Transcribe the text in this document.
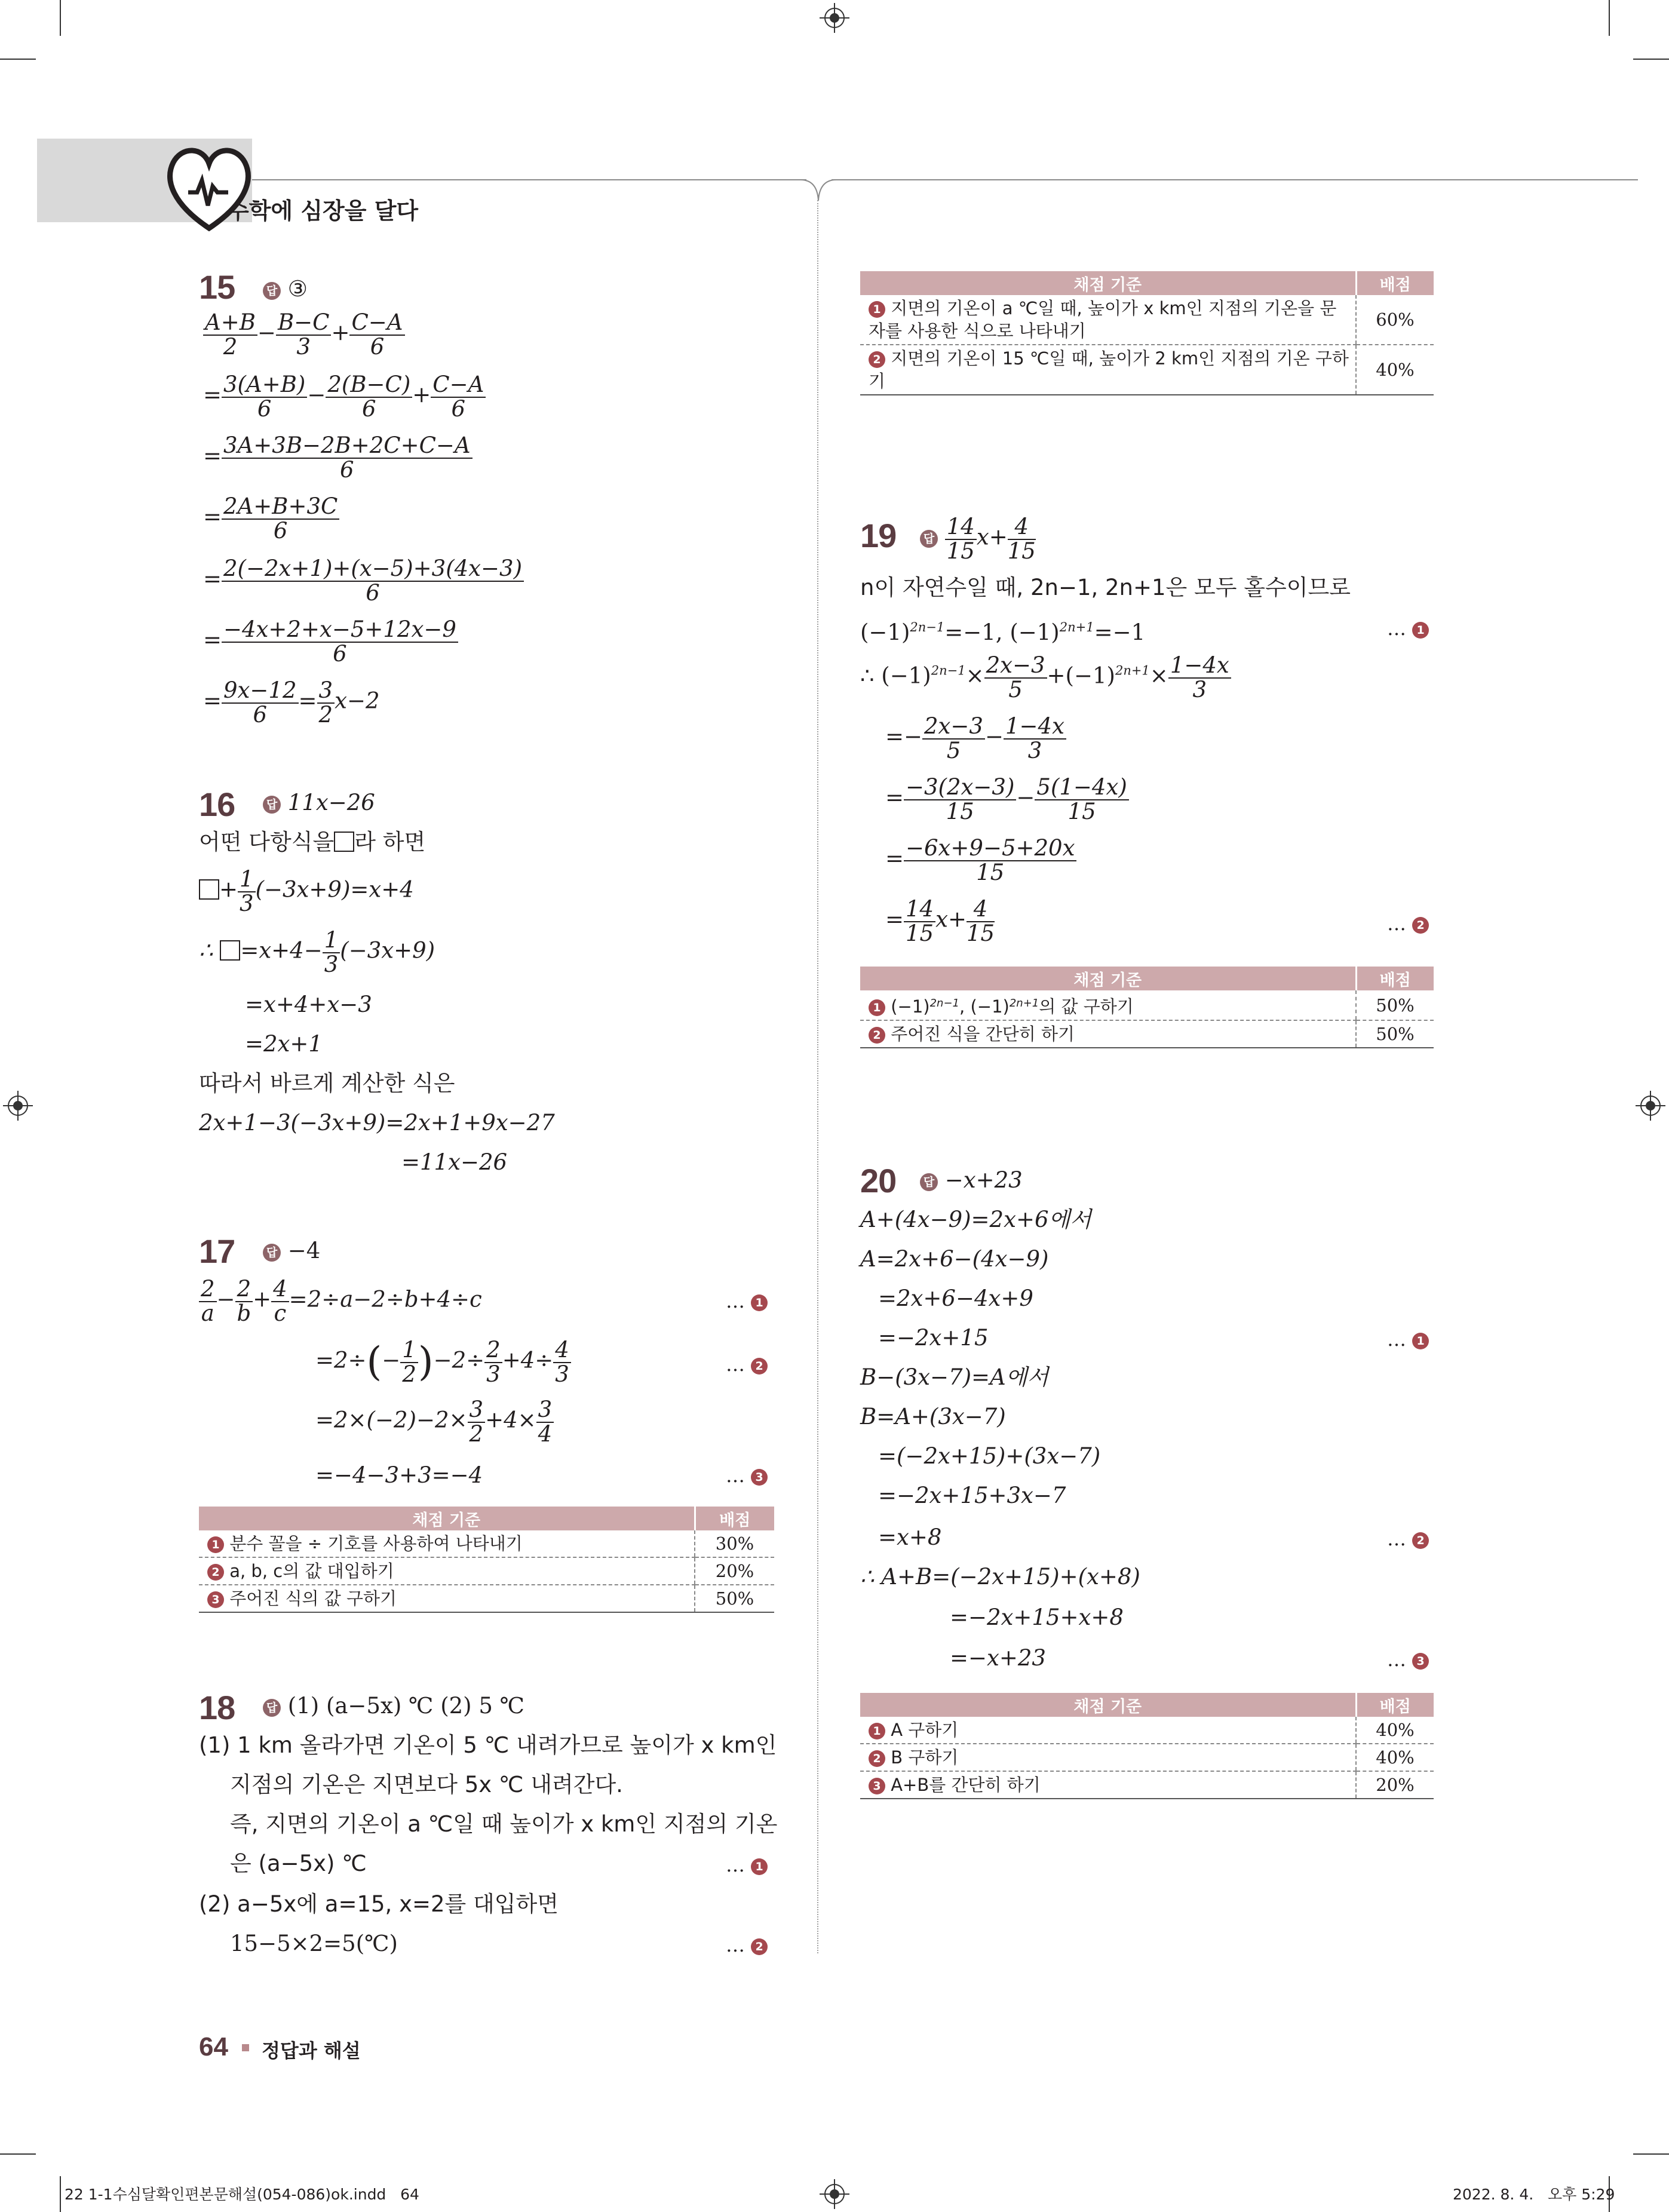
수학에 심장을 달다
15	답 ③
$\frac{A+B}{2} - \frac{B-C}{3} + \frac{C-A}{6}$
= $\frac{3(A+B)}{6} - \frac{2(B-C)}{6} + \frac{C-A}{6}$
= $\frac{3A+3B-2B+2C+C-A}{6}$
= $\frac{2A+B+3C}{6}$
= $\frac{2(-2x+1)+(x-5)+3(4x-3)}{6}$
= $\frac{-4x+2+x-5+12x-9}{6}$
= $\frac{9x-12}{6} = \frac{3}{2} x-2$
16	답 11x−26
어떤 다항식을 라 하면
+ $\frac{1}{3} (-3x+9)=x+4$
∴ $=x+4- \frac{1}{3} (-3x+9)$
=x+4+x−3
=2x+1
따라서 바르게 계산한 식은
2x+1−3(−3x+9)=2x+1+9x−27
=11x−26
17	답 −4
$\frac{2}{a} - \frac{2}{b} + \frac{4}{c} =2\div a-2\div b+4\div c$	… 1
$=2\div(- \frac{1}{2} )-2\div \frac{2}{3} +4\div \frac{4}{3}$	… 2
$=2\times(-2)-2\times \frac{3}{2} +4\times \frac{3}{4}$
=−4−3+3=−4	… 3
채점 기준	배점
1 분수 꼴을 ÷ 기호를 사용하여 나타내기	30%
2 a, b, c의 값 대입하기	20%
3 주어진 식의 값 구하기	50%
18	답 (1) (a−5x) ℃ (2) 5 ℃
(1) 1 km 올라가면 기온이 5 ℃ 내려가므로 높이가 x km인
지점의 기온은 지면보다 5x ℃ 내려간다.
즉, 지면의 기온이 a ℃일 때 높이가 x km인 지점의 기온
은 (a−5x) ℃	… 1
(2) a−5x에 a=15, x=2를 대입하면
15−5×2=5(℃)	… 2
채점 기준	배점
1 지면의 기온이 a ℃일 때, 높이가 x km인 지점의 기온을 문자를 사용한 식으로 나타내기	60%
2 지면의 기온이 15 ℃일 때, 높이가 2 km인 지점의 기온 구하기	40%
19	답 $\frac{14}{15} x+ \frac{4}{15}$
n이 자연수일 때, 2n−1, 2n+1은 모두 홀수이므로
$(-1)^{2n-1}=-1$, $(-1)^{2n+1}=-1$	… 1
∴ $(-1)^{2n-1}\times \frac{2x-3}{5} +(-1)^{2n+1}\times \frac{1-4x}{3}$
=− $\frac{2x-3}{5} - \frac{1-4x}{3}$
= $\frac{-3(2x-3)}{15} - \frac{5(1-4x)}{15}$
= $\frac{-6x+9-5+20x}{15}$
= $\frac{14}{15} x+ \frac{4}{15}$	… 2
채점 기준	배점
1 $(-1)^{2n-1}$, $(-1)^{2n+1}$의 값 구하기	50%
2 주어진 식을 간단히 하기	50%
20	답 −x+23
A+(4x−9)=2x+6에서
A=2x+6−(4x−9)
=2x+6−4x+9
=−2x+15	… 1
B−(3x−7)=A에서
B=A+(3x−7)
=(−2x+15)+(3x−7)
=−2x+15+3x−7
=x+8	… 2
∴ A+B=(−2x+15)+(x+8)
=−2x+15+x+8
=−x+23	… 3
채점 기준	배점
1 A 구하기	40%
2 B 구하기	40%
3 A+B를 간단히 하기	20%
64 정답과 해설
22 1-1수심달확인편본문해설(054-086)ok.indd   64	2022. 8. 4.   오후 5:29
